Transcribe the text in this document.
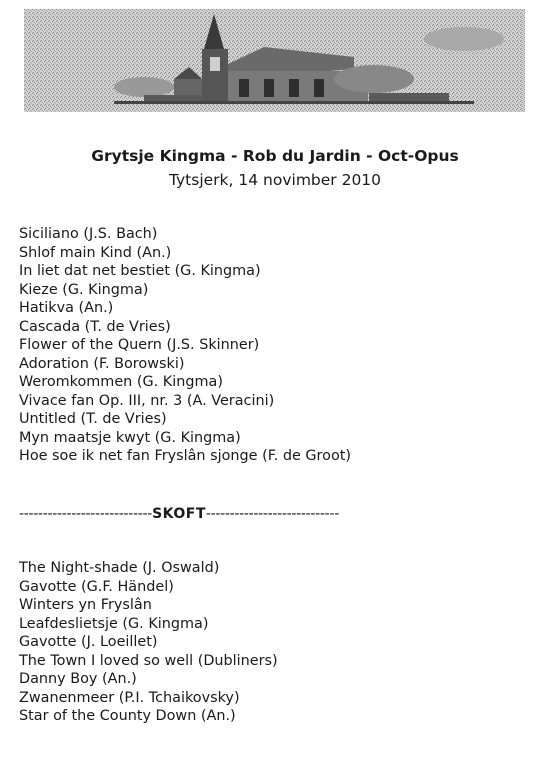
Grytsje Kingma - Rob du Jardin - Oct-Opus
Tytsjerk, 14 novimber 2010
Siciliano (J.S. Bach)
Shlof main Kind (An.)
In liet dat net bestiet (G. Kingma)
Kieze (G. Kingma)
Hatikva (An.)
Cascada (T. de Vries)
Flower of the Quern (J.S. Skinner)
Adoration (F. Borowski)
Weromkommen (G. Kingma)
Vivace fan Op. III, nr. 3 (A. Veracini)
Untitled (T. de Vries)
Myn maatsje kwyt (G. Kingma)
Hoe soe ik net fan Fryslân sjonge (F. de Groot)
----------------------------SKOFT----------------------------
The Night-shade (J. Oswald)
Gavotte (G.F. Händel)
Winters yn Fryslân
Leafdeslietsje (G. Kingma)
Gavotte (J. Loeillet)
The Town I loved so well (Dubliners)
Danny Boy (An.)
Zwanenmeer (P.I. Tchaikovsky)
Star of the County Down (An.)
